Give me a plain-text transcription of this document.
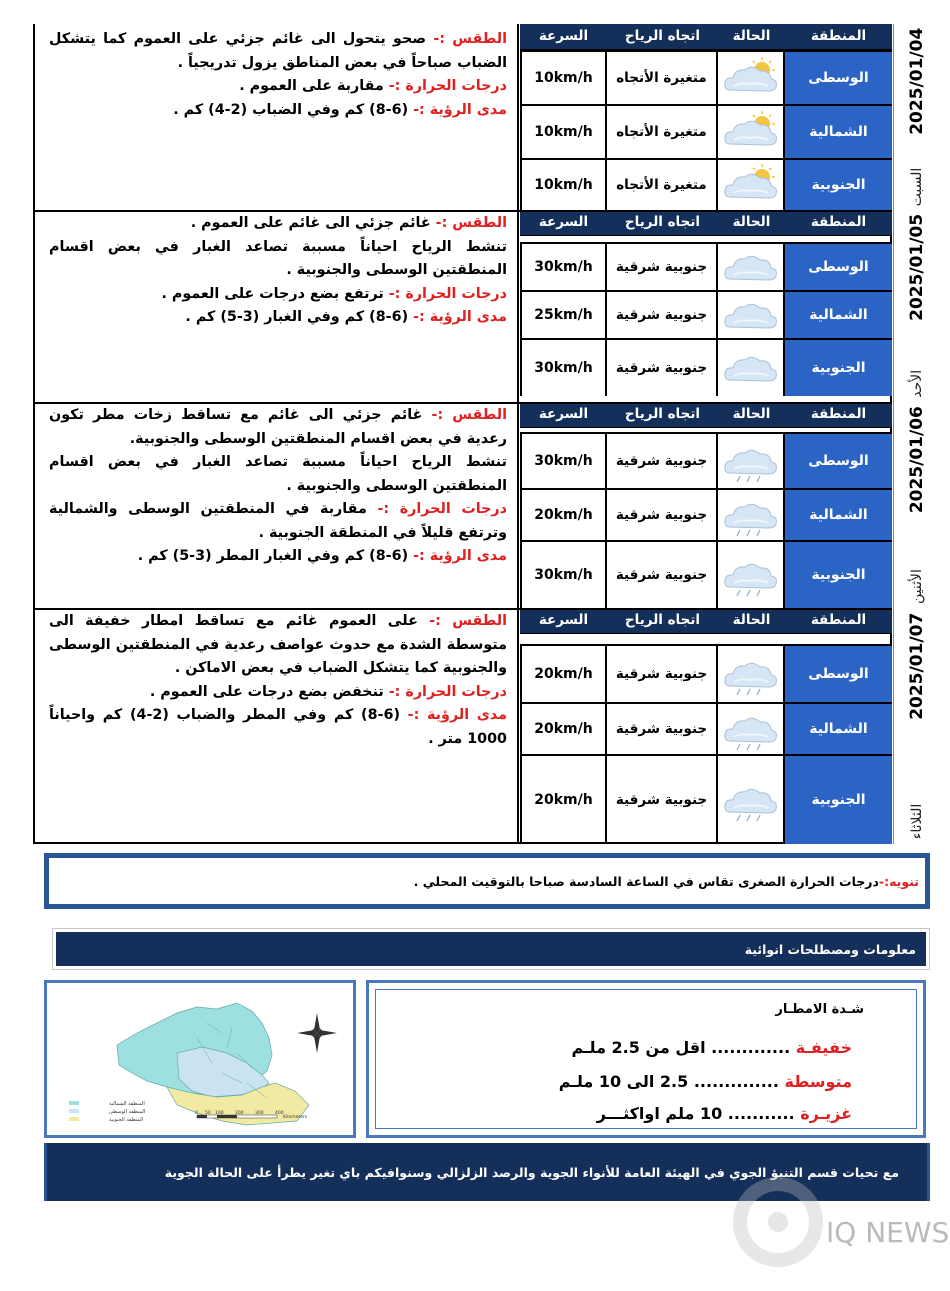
الطقس :- صحو يتحول الى غائم جزئي على العموم كما يتشكل الضباب صباحاً في بعض المناطق يزول تدريجياً .
درجات الحرارة :- مقاربة على العموم .
مدى الرؤية :- (6-8) كم وفي الضباب (2-4) كم .
السرعة	اتجاه الرياح	الحالة	المنطقة
10km/h	متغيرة الأتجاه	الوسطى
10km/h	متغيرة الأتجاه	الشمالية
10km/h	متغيرة الأتجاه	الجنوبية
الطقس :- غائم جزئي الى غائم على العموم .
تنشط الرياح احياناً مسببة تصاعد الغبار في بعض اقسام المنطقتين الوسطى والجنوبية .
درجات الحرارة :- ترتفع بضع درجات على العموم .
مدى الرؤية :- (6-8) كم وفي الغبار (3-5) كم .
السرعة	اتجاه الرياح	الحالة	المنطقة
30km/h	جنوبية شرقية	الوسطى
25km/h	جنوبية شرقية	الشمالية
30km/h	جنوبية شرقية	الجنوبية
الطقس :- غائم جزئي الى غائم مع تساقط زخات مطر تكون رعدية في بعض اقسام المنطقتين الوسطى والجنوبية.
تنشط الرياح احياناً مسببة تصاعد الغبار في بعض اقسام المنطقتين الوسطى والجنوبية .
درجات الحرارة :- مقاربة في المنطقتين الوسطى والشمالية وترتفع قليلاً في المنطقة الجنوبية .
مدى الرؤية :- (6-8) كم وفي الغبار المطر (3-5) كم .
السرعة	اتجاه الرياح	الحالة	المنطقة
30km/h	جنوبية شرقية	الوسطى
20km/h	جنوبية شرقية	الشمالية
30km/h	جنوبية شرقية	الجنوبية
الطقس :- على العموم غائم مع تساقط امطار خفيفة الى متوسطة الشدة مع حدوث عواصف رعدية في المنطقتين الوسطى والجنوبية كما يتشكل الضباب في بعض الاماكن .
درجات الحرارة :- تنخفض بضع درجات على العموم .
مدى الرؤية :- (6-8) كم وفي المطر والضباب (2-4) كم واحياناً 1000 متر .
السرعة	اتجاه الرياح	الحالة	المنطقة
20km/h	جنوبية شرقية	الوسطى
20km/h	جنوبية شرقية	الشمالية
20km/h	جنوبية شرقية	الجنوبية
تنويه:-
درجات الحرارة الصغرى تقاس في الساعة السادسة صباحا بالتوقيت المحلي .
معلومات ومصطلحات انوائية
المنطقة الشمالية
المنطقة الوسطى
المنطقة الجنوبية
0 50 100	200	300	400
Kilometers
شـدة الامطـار
خفيفـة ............. اقل من 2.5 ملـم
متوسطة .............. 2.5 الى 10 ملـم
غزيـرة ........... 10 ملم اواكثـــر
مع تحيات قسم التنبؤ الجوي في الهيئة العامة للأنواء الجوية والرصد الزلزالي وسنوافيكم باي تغير يطرأ على الحالة الجوية
IQ NEWS
2025/01/04
السبت
2025/01/05
الأحد
2025/01/06
الأثنين
2025/01/07
الثلاثاء
